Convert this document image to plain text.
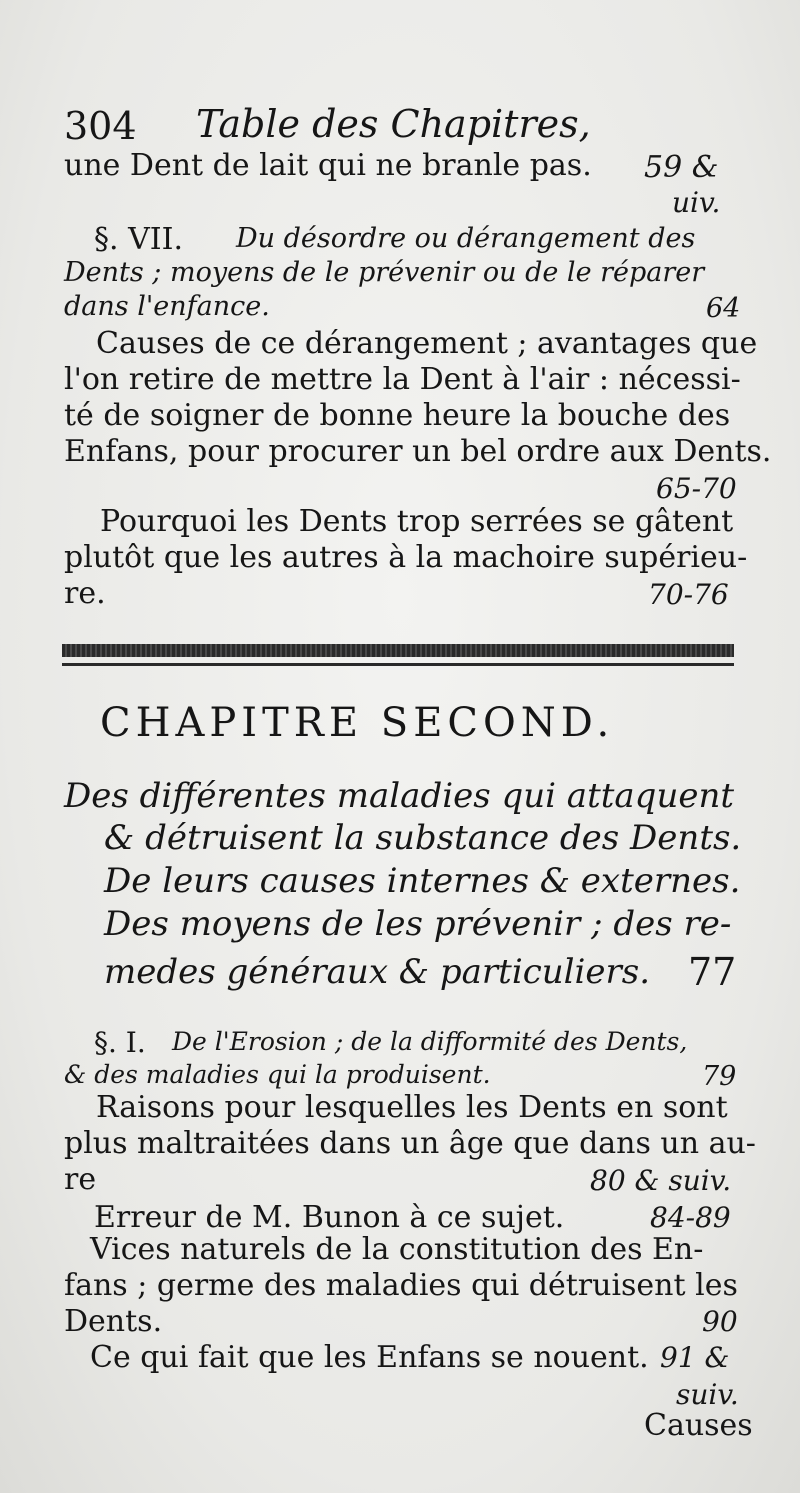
304 Table des Chapitres,
une Dent de lait qui ne branle pas. 59 &
uiv.
§. VII. Du désordre ou dérangement des
Dents ; moyens de le prévenir ou de le réparer
dans l'enfance.	64
Causes de ce dérangement ; avantages que
l'on retire de mettre la Dent à l'air : nécessi-
té de soigner de bonne heure la bouche des
Enfans, pour procurer un bel ordre aux Dents.
65-70
Pourquoi les Dents trop serrées se gâtent
plutôt que les autres à la machoire supérieu-
re.	70-76
CHAPITRE SECOND.
Des différentes maladies qui attaquent
& détruisent la substance des Dents.
De leurs causes internes & externes.
Des moyens de les prévenir ; des re-
medes généraux & particuliers. 77
§. I. De l'Erosion ; de la difformité des Dents,
& des maladies qui la produisent.	79
Raisons pour lesquelles les Dents en sont
plus maltraitées dans un âge que dans un au-
re	80 & suiv.
Erreur de M. Bunon à ce sujet.	84-89
Vices naturels de la constitution des En-
fans ; germe des maladies qui détruisent les
Dents.	90
Ce qui fait que les Enfans se nouent. 91 &
suiv.
Causes
